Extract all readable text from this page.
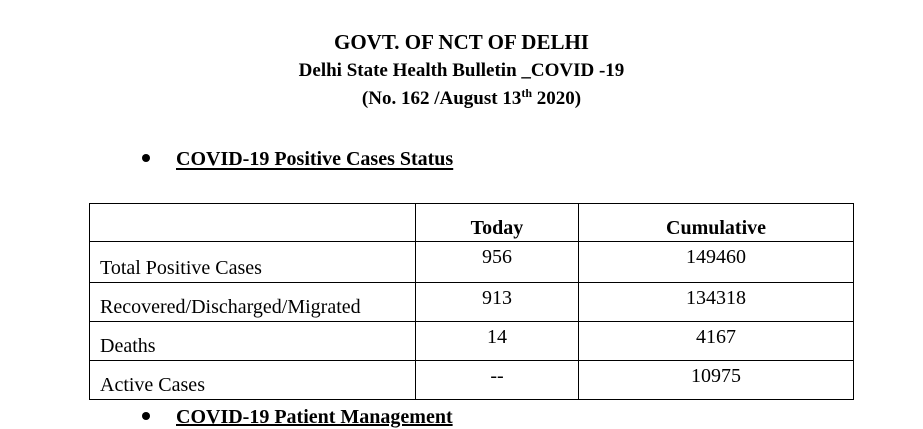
GOVT. OF NCT OF DELHI
Delhi State Health Bulletin _COVID -19
(No. 162 /August 13th 2020)
COVID-19 Positive Cases Status
	Today	Cumulative
Total Positive Cases	956	149460
Recovered/Discharged/Migrated	913	134318
Deaths	14	4167
Active Cases	--	10975
COVID-19 Patient Management
